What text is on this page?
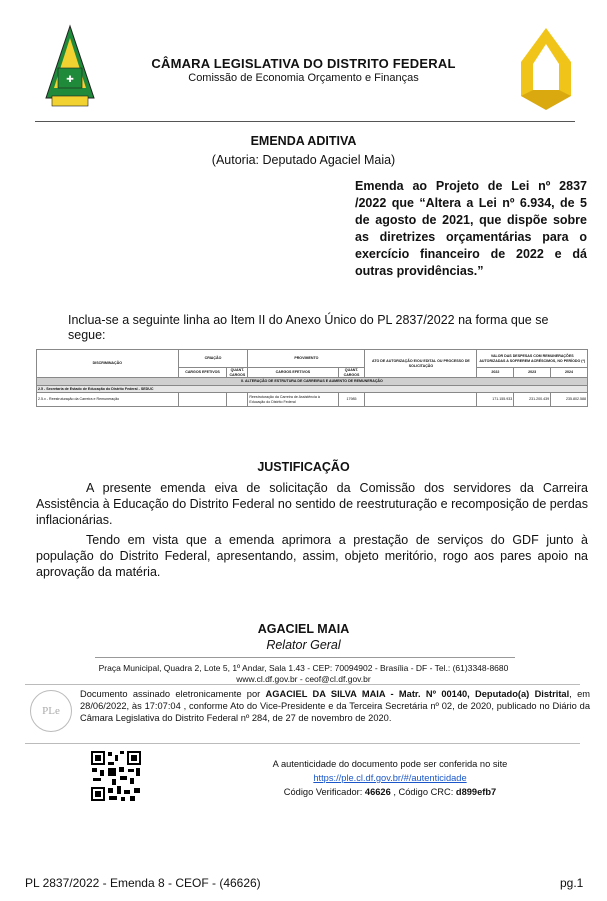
✚
CÂMARA LEGISLATIVA DO DISTRITO FEDERAL
Comissão de Economia Orçamento e Finanças
EMENDA ADITIVA
(Autoria: Deputado Agaciel Maia)
Emenda ao Projeto de Lei nº 2837 /2022 que “Altera a Lei nº 6.934, de 5 de agosto de 2021, que dispõe sobre as diretrizes orçamentárias para o exercício financeiro de 2022 e dá outras providências.”
Inclua-se a seguinte linha ao Item II do Anexo Único do PL 2837/2022 na forma que se segue:
DISCRIMINAÇÃO	CRIAÇÃO		PROVIMENTO		ATO DE AUTORIZAÇÃO E/OU EDITAL OU PROCESSO DE SOLICITAÇÃO	VALOR DAS DESPESAS COM REMUNERAÇÕES AUTORIZADAS A SOFREREM ACRÉSCIMOS, NO PERÍODO (*)		
	CARGOS EFETIVOS	QUANT. CARGOS	CARGOS EFETIVOS	QUANT. CARGOS		2022	2023	2024
II. ALTERAÇÃO DE ESTRUTURA DE CARREIRAS E AUMENTO DE REMUNERAÇÃO								
2.5 - Secretaria de Estado de Educação do Distrito Federal - SEDUC								
2.5.x - Reestruturação da Carreira e Remuneração			Reestruturação da Carreira de Assistência à Educação do Distrito Federal	17985		171.155.933	231.200.439	235.802.588
JUSTIFICAÇÃO
A presente emenda eiva de solicitação da Comissão dos servidores da Carreira Assistência à Educação do Distrito Federal no sentido de reestruturação e recomposição de perdas inflacionárias.
Tendo em vista que a emenda aprimora a prestação de serviços do GDF junto à população do Distrito Federal, apresentando, assim, objeto meritório, rogo aos pares apoio na aprovação da matéria.
AGACIEL MAIA
Relator Geral
Praça Municipal, Quadra 2, Lote 5, 1º Andar, Sala 1.43 - CEP: 70094902 - Brasília - DF - Tel.: (61)3348-8680
www.cl.df.gov.br - ceof@cl.df.gov.br
PLe
Documento assinado eletronicamente por AGACIEL DA SILVA MAIA - Matr. Nº 00140, Deputado(a) Distrital, em 28/06/2022, às 17:07:04 , conforme Ato do Vice-Presidente e da Terceira Secretária nº 02, de 2020, publicado no Diário da Câmara Legislativa do Distrito Federal nº 284, de 27 de novembro de 2020.
A autenticidade do documento pode ser conferida no site
https://ple.cl.df.gov.br/#/autenticidade
Código Verificador: 46626 , Código CRC: d899efb7
PL 2837/2022 - Emenda 8 - CEOF - (46626)	pg.1
